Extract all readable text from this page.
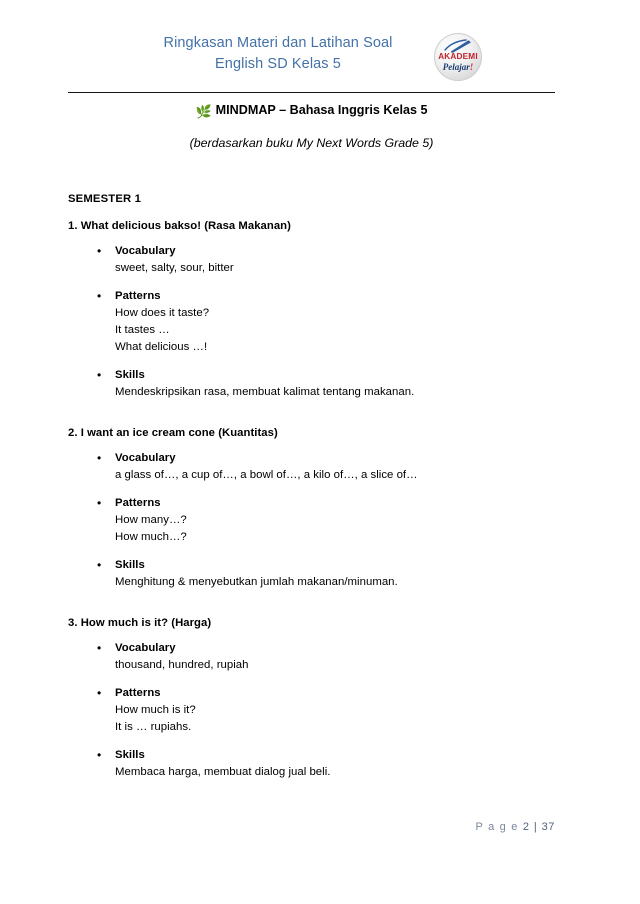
Ringkasan Materi dan Latihan Soal
English SD Kelas 5	AKADEMI
Pelajar!
🌿 MINDMAP – Bahasa Inggris Kelas 5
(berdasarkan buku My Next Words Grade 5)
SEMESTER 1
1. What delicious bakso! (Rasa Makanan)
• Vocabulary
sweet, salty, sour, bitter
• Patterns
How does it taste?
It tastes …
What delicious …!
• Skills
Mendeskripsikan rasa, membuat kalimat tentang makanan.
2. I want an ice cream cone (Kuantitas)
• Vocabulary
a glass of…, a cup of…, a bowl of…, a kilo of…, a slice of…
• Patterns
How many…?
How much…?
• Skills
Menghitung & menyebutkan jumlah makanan/minuman.
3. How much is it? (Harga)
• Vocabulary
thousand, hundred, rupiah
• Patterns
How much is it?
It is … rupiahs.
• Skills
Membaca harga, membuat dialog jual beli.
P a g e 2 | 37
